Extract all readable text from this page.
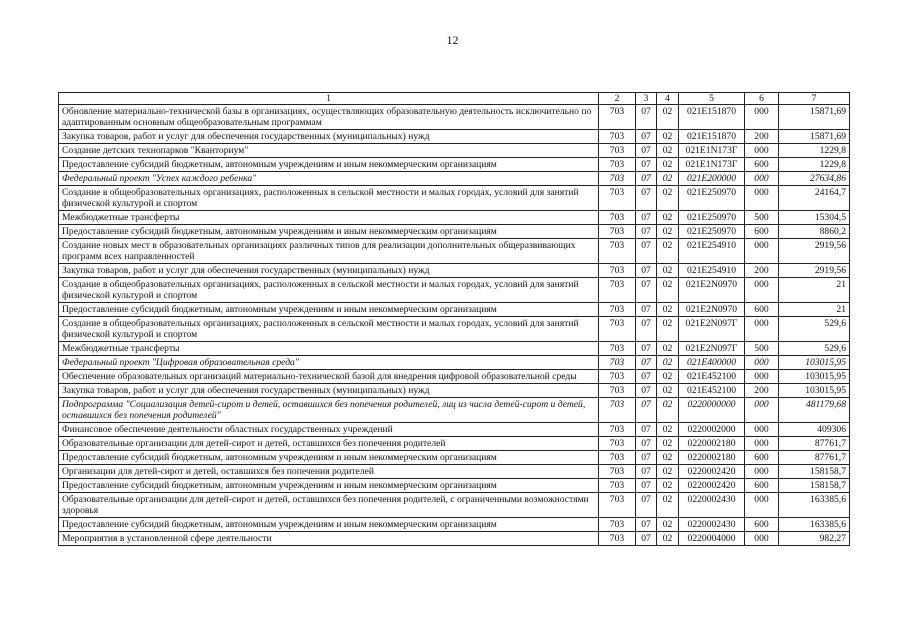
12
1	2	3	4	5	6	7
Обновление материально-технической базы в организациях, осуществляющих образовательную деятельность исключительно по адаптированным основным общеобразовательным программам	703	07	02	021E151870	000	15871,69
Закупка товаров, работ и услуг для обеспечения государственных (муниципальных) нужд	703	07	02	021E151870	200	15871,69
Создание детских технопарков "Кванториум"	703	07	02	021E1N173Г	000	1229,8
Предоставление субсидий бюджетным, автономным учреждениям и иным некоммерческим организациям	703	07	02	021E1N173Г	600	1229,8
Федеральный проект "Успех каждого ребенка"	703	07	02	021E200000	000	27634,86
Создание в общеобразовательных организациях, расположенных в сельской местности и малых городах, условий для занятий физической культурой и спортом	703	07	02	021E250970	000	24164,7
Межбюджетные трансферты	703	07	02	021E250970	500	15304,5
Предоставление субсидий бюджетным, автономным учреждениям и иным некоммерческим организациям	703	07	02	021E250970	600	8860,2
Создание новых мест в образовательных организациях различных типов для реализации дополнительных общеразвивающих программ всех направленностей	703	07	02	021E254910	000	2919,56
Закупка товаров, работ и услуг для обеспечения государственных (муниципальных) нужд	703	07	02	021E254910	200	2919,56
Создание в общеобразовательных организациях, расположенных в сельской местности и малых городах, условий для занятий физической культурой и спортом	703	07	02	021E2N0970	000	21
Предоставление субсидий бюджетным, автономным учреждениям и иным некоммерческим организациям	703	07	02	021E2N0970	600	21
Создание в общеобразовательных организациях, расположенных в сельской местности и малых городах, условий для занятий физической культурой и спортом	703	07	02	021E2N097Г	000	529,6
Межбюджетные трансферты	703	07	02	021E2N097Г	500	529,6
Федеральный проект "Цифровая образовательная среда"	703	07	02	021E400000	000	103015,95
Обеспечение образовательных организаций материально-технической базой для внедрения цифровой образовательной среды	703	07	02	021E452100	000	103015,95
Закупка товаров, работ и услуг для обеспечения государственных (муниципальных) нужд	703	07	02	021E452100	200	103015,95
Подпрограмма "Социализация детей-сирот и детей, оставшихся без попечения родителей, лиц из числа детей-сирот и детей, оставшихся без попечения родителей"	703	07	02	0220000000	000	481179,68
Финансовое обеспечение деятельности областных государственных учреждений	703	07	02	0220002000	000	409306
Образовательные организации для детей-сирот и детей, оставшихся без попечения родителей	703	07	02	0220002180	000	87761,7
Предоставление субсидий бюджетным, автономным учреждениям и иным некоммерческим организациям	703	07	02	0220002180	600	87761,7
Организации для детей-сирот и детей, оставшихся без попечения родителей	703	07	02	0220002420	000	158158,7
Предоставление субсидий бюджетным, автономным учреждениям и иным некоммерческим организациям	703	07	02	0220002420	600	158158,7
Образовательные организации для детей-сирот и детей, оставшихся без попечения родителей, с ограниченными возможностями здоровья	703	07	02	0220002430	000	163385,6
Предоставление субсидий бюджетным, автономным учреждениям и иным некоммерческим организациям	703	07	02	0220002430	600	163385,6
Мероприятия в установленной сфере деятельности	703	07	02	0220004000	000	982,27
